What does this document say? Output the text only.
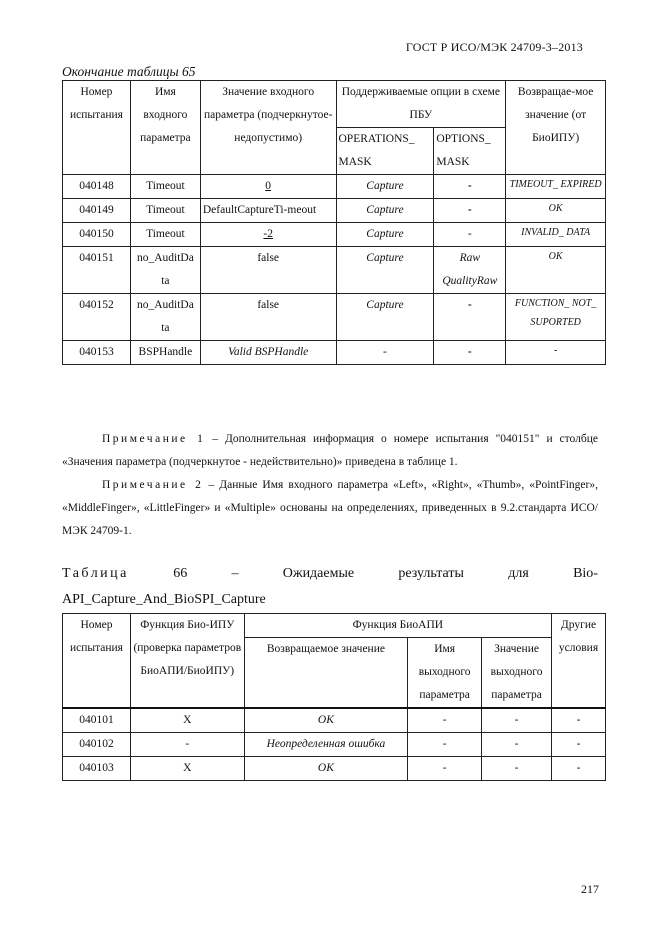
ГОСТ Р ИСО/МЭК 24709-3–2013
Окончание таблицы 65
Номер испытания	Имя входного параметра	Значение входного параметра (подчеркнутое-недопустимо)	Поддерживаемые опции в схеме ПБУ		Возвращае-мое значение (от БиоИПУ)
			OPERATIONS_ MASK	OPTIONS_ MASK	
040148	Timeout	0	Capture	-	TIMEOUT_ EXPIRED
040149	Timeout	DefaultCaptureTi-meout	Capture	-	OK
040150	Timeout	-2	Capture	-	INVALID_ DATA
040151	no_AuditDa ta	false	Capture	Raw QualityRaw	OK
040152	no_AuditDa ta	false	Capture	-	FUNCTION_ NOT_ SUPORTED
040153	BSPHandle	Valid BSPHandle	-	-	-
Примечание 1 – Дополнительная информация о номере испытания "040151" и столбце «Значения параметра (подчеркнутое - недействительно)» приведена в таблице 1.
Примечание 2 – Данные Имя входного параметра «Left», «Right», «Thumb», «PointFinger», «MiddleFinger», «LittleFinger» и «Multiple» основаны на определениях, приведенных в 9.2.стандарта ИСО/МЭК 24709-1.
Таблица	66	–	Ожидаемые	результаты	для	Bio-
API_Capture_And_BioSPI_Capture
Номер испытания	Функция Био-ИПУ (проверка параметров БиоАПИ/БиоИПУ)	Функция БиоАПИ			Другие условия
		Возвращаемое значение	Имя выходного параметра	Значение выходного параметра	
040101	X	OK	-	-	-
040102	-	Неопределенная ошибка	-	-	-
040103	X	OK	-	-	-
217
